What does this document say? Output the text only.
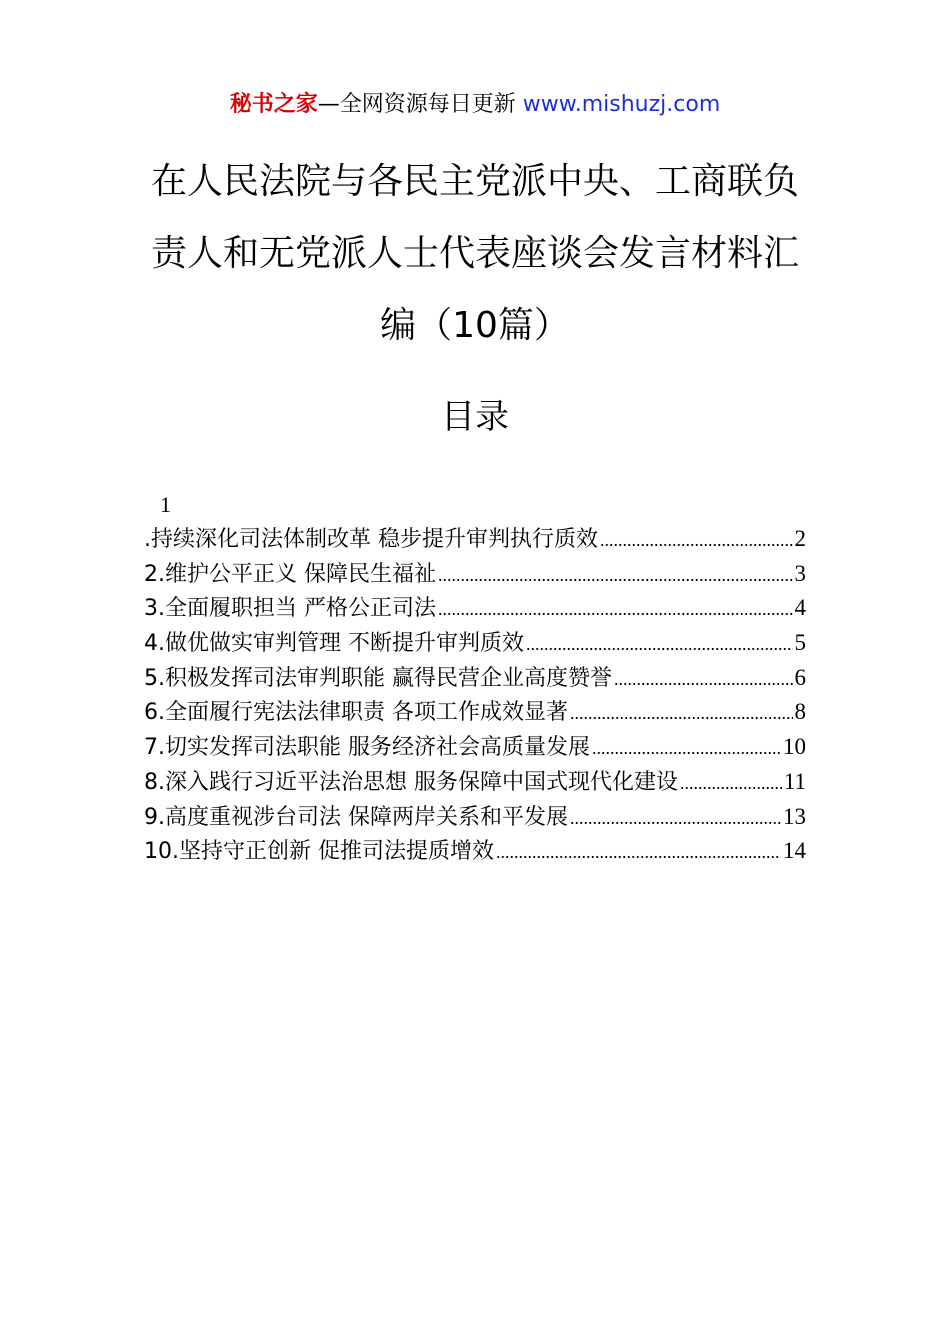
秘书之家—全网资源每日更新 www.mishuzj.com
在人民法院与各民主党派中央、工商联负
责人和无党派人士代表座谈会发言材料汇
编（10篇）
目录
1
.持续深化司法体制改革 稳步提升审判执行质效 .....	2
2.维护公平正义 保障民生福祉 .....	3
3.全面履职担当 严格公正司法 .....	4
4.做优做实审判管理 不断提升审判质效 .....	5
5.积极发挥司法审判职能 赢得民营企业高度赞誉 .....	6
6.全面履行宪法法律职责 各项工作成效显著 .....	8
7.切实发挥司法职能 服务经济社会高质量发展 .....	10
8.深入践行习近平法治思想 服务保障中国式现代化建设 .....	11
9.高度重视涉台司法 保障两岸关系和平发展 .....	13
10.坚持守正创新 促推司法提质增效 .....	14
